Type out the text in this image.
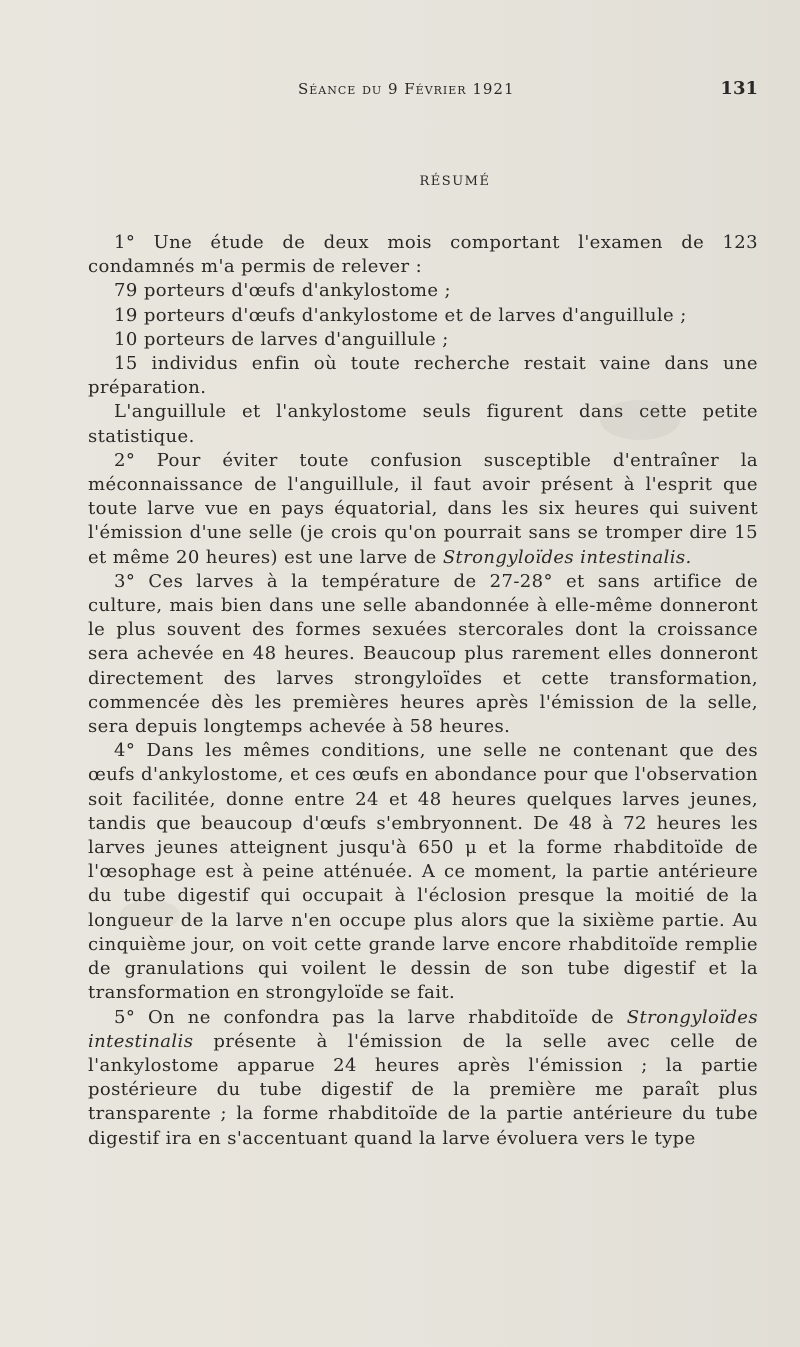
Séance du 9 Février 1921	131
RÉSUMÉ

1° Une étude de deux mois comportant l'examen de 123 condamnés m'a permis de relever :

79 porteurs d'œufs d'ankylostome ;

19 porteurs d'œufs d'ankylostome et de larves d'anguillule ;

10 porteurs de larves d'anguillule ;

15 individus enfin où toute recherche restait vaine dans une préparation.

L'anguillule et l'ankylostome seuls figurent dans cette petite statistique.

2° Pour éviter toute confusion susceptible d'entraîner la méconnaissance de l'anguillule, il faut avoir présent à l'esprit que toute larve vue en pays équatorial, dans les six heures qui suivent l'émission d'une selle (je crois qu'on pourrait sans se tromper dire 15 et même 20 heures) est une larve de Strongyloïdes intestinalis.

3° Ces larves à la température de 27-28° et sans artifice de culture, mais bien dans une selle abandonnée à elle-même donneront le plus souvent des formes sexuées stercorales dont la croissance sera achevée en 48 heures. Beaucoup plus rarement elles donneront directement des larves strongyloïdes et cette transformation, commencée dès les premières heures après l'émission de la selle, sera depuis longtemps achevée à 58 heures.

4° Dans les mêmes conditions, une selle ne contenant que des œufs d'ankylostome, et ces œufs en abondance pour que l'observation soit facilitée, donne entre 24 et 48 heures quelques larves jeunes, tandis que beaucoup d'œufs s'embryonnent. De 48 à 72 heures les larves jeunes atteignent jusqu'à 650 μ et la forme rhabditoïde de l'œsophage est à peine atténuée. A ce moment, la partie antérieure du tube digestif qui occupait à l'éclosion presque la moitié de la longueur de la larve n'en occupe plus alors que la sixième partie. Au cinquième jour, on voit cette grande larve encore rhabditoïde remplie de granulations qui voilent le dessin de son tube digestif et la transformation en strongyloïde se fait.

5° On ne confondra pas la larve rhabditoïde de Strongyloïdes intestinalis présente à l'émission de la selle avec celle de l'ankylostome apparue 24 heures après l'émission ; la partie postérieure du tube digestif de la première me paraît plus transparente ; la forme rhabditoïde de la partie antérieure du tube digestif ira en s'accentuant quand la larve évoluera vers le type
